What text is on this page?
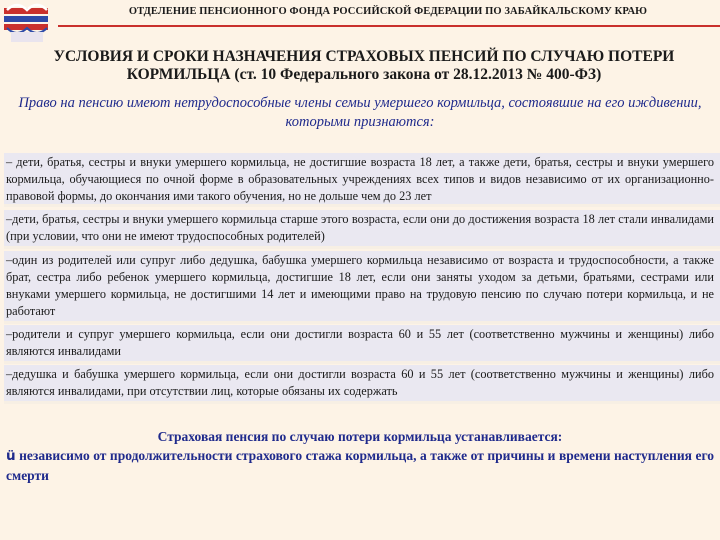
ОТДЕЛЕНИЕ ПЕНСИОННОГО ФОНДА РОССИЙСКОЙ ФЕДЕРАЦИИ ПО ЗАБАЙКАЛЬСКОМУ КРАЮ
УСЛОВИЯ И СРОКИ НАЗНАЧЕНИЯ СТРАХОВЫХ ПЕНСИЙ ПО СЛУЧАЮ ПОТЕРИ
КОРМИЛЬЦА (ст. 10 Федерального закона от 28.12.2013 № 400-ФЗ)
Право на пенсию имеют нетрудоспособные члены семьи умершего кормильца, состоявшие на его иждивении, которыми признаются:
– дети, братья, сестры и внуки умершего кормильца, не достигшие возраста 18 лет, а также дети, братья, сестры и внуки умершего кормильца, обучающиеся по очной форме в образовательных учреждениях всех типов и видов независимо от их организационно-правовой формы, до окончания ими такого обучения, но не дольше чем до 23 лет
–дети, братья, сестры и внуки умершего кормильца старше этого возраста, если они до достижения возраста 18 лет стали инвалидами (при условии, что они не имеют трудоспособных родителей)
–один из родителей или супруг либо дедушка, бабушка умершего кормильца независимо от возраста и трудоспособности, а также брат, сестра либо ребенок умершего кормильца, достигшие 18 лет, если они заняты уходом за детьми, братьями, сестрами или внуками умершего кормильца, не достигшими 14 лет и имеющими право на трудовую пенсию по случаю потери кормильца, и не работают
–родители и супруг умершего кормильца, если они достигли возраста 60 и 55 лет (соответственно мужчины и женщины) либо являются инвалидами
–дедушка и бабушка умершего кормильца, если они достигли возраста 60 и 55 лет (соответственно мужчины и женщины) либо являются инвалидами, при отсутствии лиц, которые обязаны их содержать
Страховая пенсия по случаю потери кормильца устанавливается:
ü независимо от продолжительности страхового стажа кормильца, а также от причины и времени наступления его смерти
